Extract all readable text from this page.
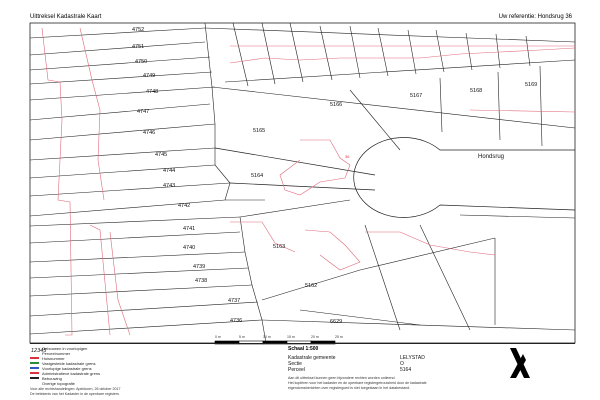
Uittreksel Kadastrale Kaart	Uw referentie: Hondsrug 36
0 m	5 m	10 m	15 m	20 m	25 m
4752
4751
4750
4749
4748
4747
4746
4745
4744
4743
4742
4741
4740
4739
4738
4737
4736
5166
5167
5168
5169
5165
5164
5163
5162
6629
Hondsrug
36
12345
Gebouwen in voorlopigen
Perceelnummer
Huisnummer
Vastgestelde kadastrale grens
Voorlopige kadastrale grens
Administratieve kadastrale grens
Bebouwing
Overige topografie
Voor alle rechtshandelingen: Apeldoorn, 26 oktober 2017
De betekenis van het Kadaster in de openbare registers
Schaal 1:500
Kadastrale gemeente	LELYSTAD
Sectie	O
Perceel	5164
Aan dit uittreksel kunnen geen bijzondere rechten worden ontleend.
Het kopiëren voor het kadaster en de openbare registergetrouwheid door de kadastrale
eigendomsberichten over registergoed is niet toegestaan in het databestand.
